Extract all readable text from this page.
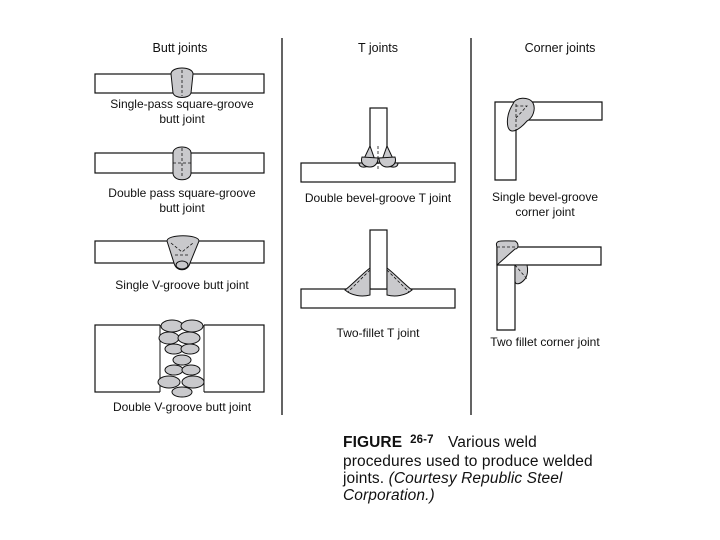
Butt joints	T joints	Corner joints
Single-pass square-groove
butt joint
Double pass square-groove
butt joint
Single V-groove butt joint
Double V-groove butt joint
Double bevel-groove T joint
Two-fillet T joint
Single bevel-groove
corner joint
Two fillet corner joint
FIGURE $^{26-7}$ Various weld procedures used to produce welded joints. (Courtesy Republic Steel Corporation.)
